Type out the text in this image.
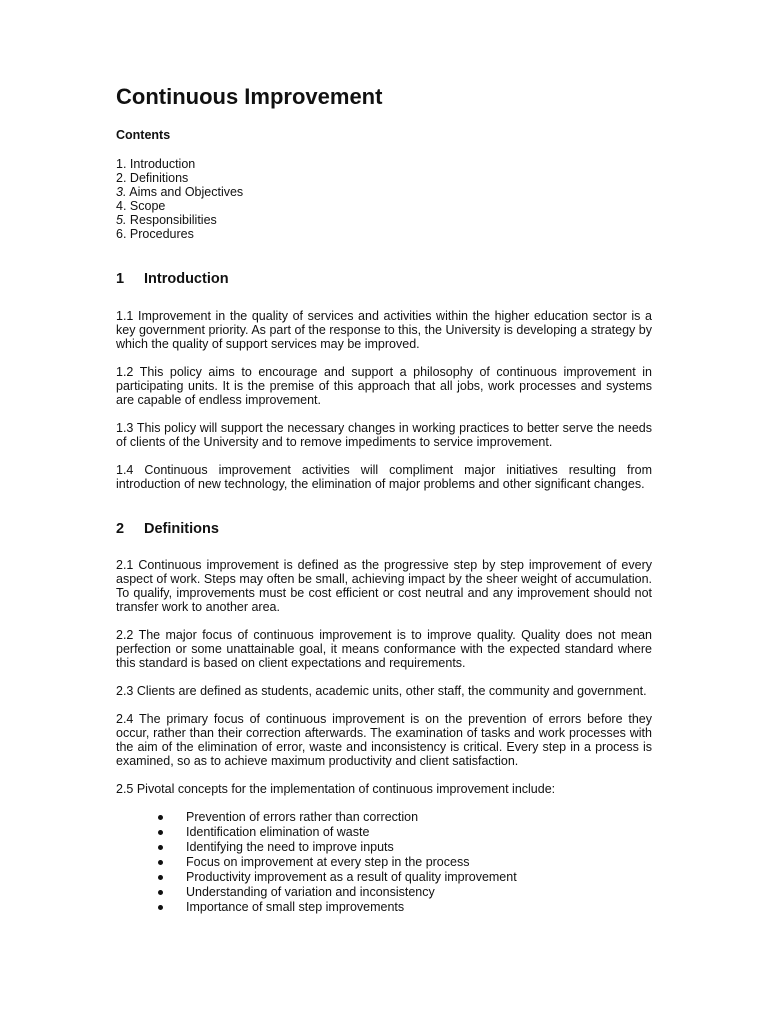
Continuous Improvement
Contents
1. Introduction
2. Definitions
3. Aims and Objectives
4. Scope
5. Responsibilities
6. Procedures
1	Introduction

1.1 Improvement in the quality of services and activities within the higher education sector is a key government priority. As part of the response to this, the University is developing a strategy by which the quality of support services may be improved.

1.2 This policy aims to encourage and support a philosophy of continuous improvement in participating units. It is the premise of this approach that all jobs, work processes and systems are capable of endless improvement.

1.3 This policy will support the necessary changes in working practices to better serve the needs of clients of the University and to remove impediments to service improvement.

1.4 Continuous improvement activities will compliment major initiatives resulting from introduction of new technology, the elimination of major problems and other significant changes.

2	Definitions

2.1 Continuous improvement is defined as the progressive step by step improvement of every aspect of work. Steps may often be small, achieving impact by the sheer weight of accumulation. To qualify, improvements must be cost efficient or cost neutral and any improvement should not transfer work to another area.

2.2 The major focus of continuous improvement is to improve quality. Quality does not mean perfection or some unattainable goal, it means conformance with the expected standard where this standard is based on client expectations and requirements.

2.3 Clients are defined as students, academic units, other staff, the community and government.

2.4 The primary focus of continuous improvement is on the prevention of errors before they occur, rather than their correction afterwards. The examination of tasks and work processes with the aim of the elimination of error, waste and inconsistency is critical. Every step in a process is examined, so as to achieve maximum productivity and client satisfaction.

2.5 Pivotal concepts for the implementation of continuous improvement include:

Prevention of errors rather than correction
Identification elimination of waste
Identifying the need to improve inputs
Focus on improvement at every step in the process
Productivity improvement as a result of quality improvement
Understanding of variation and inconsistency
Importance of small step improvements
